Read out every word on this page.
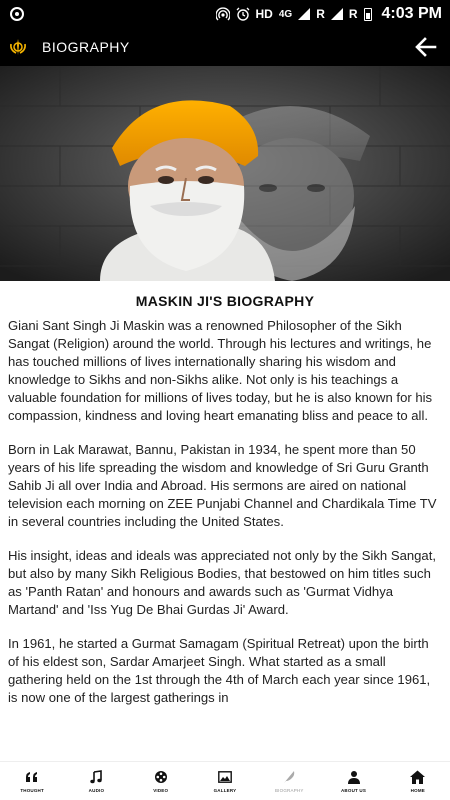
HD 4G R R 4:03 PM
BIOGRAPHY
MASKIN JI'S BIOGRAPHY

Giani Sant Singh Ji Maskin was a renowned Philosopher of the Sikh Sangat (Religion) around the world. Through his lectures and writings, he has touched millions of lives internationally sharing his wisdom and knowledge to Sikhs and non-Sikhs alike. Not only is his teachings a valuable foundation for millions of lives today, but he is also known for his compassion, kindness and loving heart emanating bliss and peace to all.

Born in Lak Marawat, Bannu, Pakistan in 1934, he spent more than 50 years of his life spreading the wisdom and knowledge of Sri Guru Granth Sahib Ji all over India and Abroad. His sermons are aired on national television each morning on ZEE Punjabi Channel and Chardikala Time TV in several countries including the United States.

His insight, ideas and ideals was appreciated not only by the Sikh Sangat, but also by many Sikh Religious Bodies, that bestowed on him titles such as 'Panth Ratan' and honours and awards such as 'Gurmat Vidhya Martand' and 'Iss Yug De Bhai Gurdas Ji' Award.

In 1961, he started a Gurmat Samagam (Spiritual Retreat) upon the birth of his eldest son, Sardar Amarjeet Singh. What started as a small gathering held on the 1st through the 4th of March each year since 1961, is now one of the largest gatherings in

THOUGHT	AUDIO	VIDEO	GALLERY	BIOGRAPHY	ABOUT US	HOME
